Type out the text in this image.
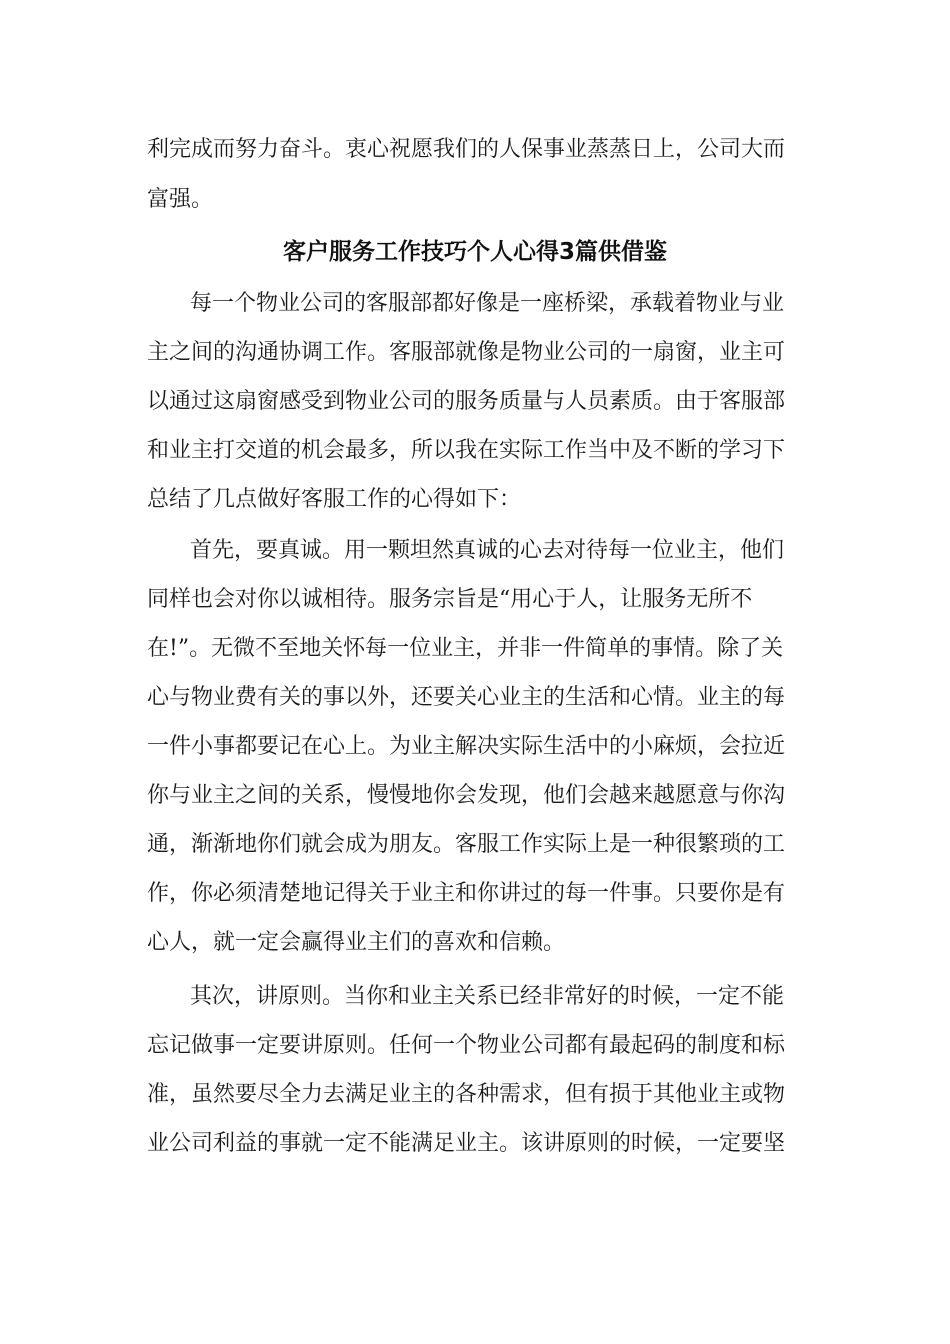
利完成而努力奋斗。衷心祝愿我们的人保事业蒸蒸日上，公司大而
富强。
客户服务工作技巧个人心得3篇供借鉴
每一个物业公司的客服部都好像是一座桥梁，承载着物业与业
主之间的沟通协调工作。客服部就像是物业公司的一扇窗，业主可
以通过这扇窗感受到物业公司的服务质量与人员素质。由于客服部
和业主打交道的机会最多，所以我在实际工作当中及不断的学习下
总结了几点做好客服工作的心得如下：
首先，要真诚。用一颗坦然真诚的心去对待每一位业主，他们
同样也会对你以诚相待。服务宗旨是“用心于人，让服务无所不
在!”。无微不至地关怀每一位业主，并非一件简单的事情。除了关
心与物业费有关的事以外，还要关心业主的生活和心情。业主的每
一件小事都要记在心上。为业主解决实际生活中的小麻烦，会拉近
你与业主之间的关系，慢慢地你会发现，他们会越来越愿意与你沟
通，渐渐地你们就会成为朋友。客服工作实际上是一种很繁琐的工
作，你必须清楚地记得关于业主和你讲过的每一件事。只要你是有
心人，就一定会赢得业主们的喜欢和信赖。
其次，讲原则。当你和业主关系已经非常好的时候，一定不能
忘记做事一定要讲原则。任何一个物业公司都有最起码的制度和标
准，虽然要尽全力去满足业主的各种需求，但有损于其他业主或物
业公司利益的事就一定不能满足业主。该讲原则的时候，一定要坚
